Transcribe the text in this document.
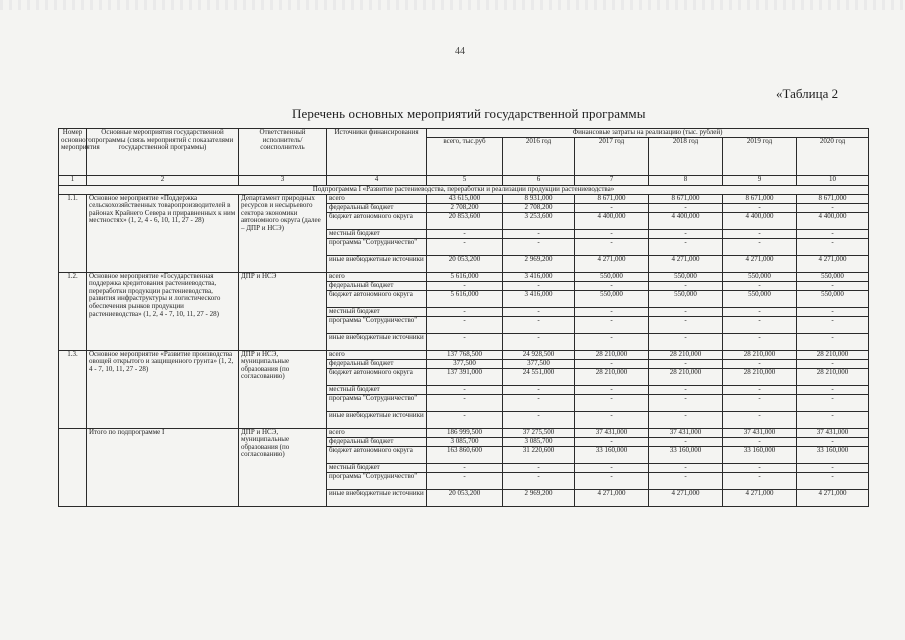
44
«Таблица 2
Перечень основных мероприятий государственной программы
Номер основного мероприятия	Основные мероприятия государственной программы (связь мероприятий с показателями государственной программы)	Ответственный исполнитель/соисполнитель	Источники финансирования	Финансовые затраты на реализацию (тыс. рублей)					
				всего, тыс.руб	2016 год	2017 год	2018 год	2019 год	2020 год
1	2	3	4	5	6	7	8	9	10
Подпрограмма I «Развитие растениеводства, переработки и реализации продукции растениеводства»									
1.1.	Основное мероприятие «Поддержка сельскохозяйственных товаропроизводителей в районах Крайнего Севера и приравненных к ним местностях» (1, 2, 4 - 6, 10, 11, 27 - 28)	Департамент природных ресурсов и несырьевого сектора экономики автономного округа (далее – ДПР и НСЭ)	всего	43 615,000	8 931,000	8 671,000	8 671,000	8 671,000	8 671,000
			федеральный бюджет	2 708,200	2 708,200	-	-	-	-
			бюджет автономного округа	20 853,600	3 253,600	4 400,000	4 400,000	4 400,000	4 400,000
			местный бюджет	-	-	-	-	-	-
			программа "Сотрудничество"	-	-	-	-	-	-
			иные внебюджетные источники	20 053,200	2 969,200	4 271,000	4 271,000	4 271,000	4 271,000
1.2.	Основное мероприятие «Государственная поддержка кредитования растениеводства, переработки продукции растениеводства, развития инфраструктуры и логистического обеспечения рынков продукции растениеводства» (1, 2, 4 - 7, 10, 11, 27 - 28)	ДПР и НСЭ	всего	5 616,000	3 416,000	550,000	550,000	550,000	550,000
			федеральный бюджет	-	-	-	-	-	-
			бюджет автономного округа	5 616,000	3 416,000	550,000	550,000	550,000	550,000
			местный бюджет	-	-	-	-	-	-
			программа "Сотрудничество"	-	-	-	-	-	-
			иные внебюджетные источники	-	-	-	-	-	-
1.3.	Основное мероприятие «Развитие производства овощей открытого и защищенного грунта» (1, 2, 4 - 7, 10, 11, 27 - 28)	ДПР и НСЭ, муниципальные образования (по согласованию)	всего	137 768,500	24 928,500	28 210,000	28 210,000	28 210,000	28 210,000
			федеральный бюджет	377,500	377,500	-	-	-	-
			бюджет автономного округа	137 391,000	24 551,000	28 210,000	28 210,000	28 210,000	28 210,000
			местный бюджет	-	-	-	-	-	-
			программа "Сотрудничество"	-	-	-	-	-	-
			иные внебюджетные источники	-	-	-	-	-	-
	Итого по подпрограмме I	ДПР и НСЭ, муниципальные образования (по согласованию)	всего	186 999,500	37 275,500	37 431,000	37 431,000	37 431,000	37 431,000
			федеральный бюджет	3 085,700	3 085,700	-	-	-	-
			бюджет автономного округа	163 860,600	31 220,600	33 160,000	33 160,000	33 160,000	33 160,000
			местный бюджет	-	-	-	-	-	-
			программа "Сотрудничество"	-	-	-	-	-	-
			иные внебюджетные источники	20 053,200	2 969,200	4 271,000	4 271,000	4 271,000	4 271,000
